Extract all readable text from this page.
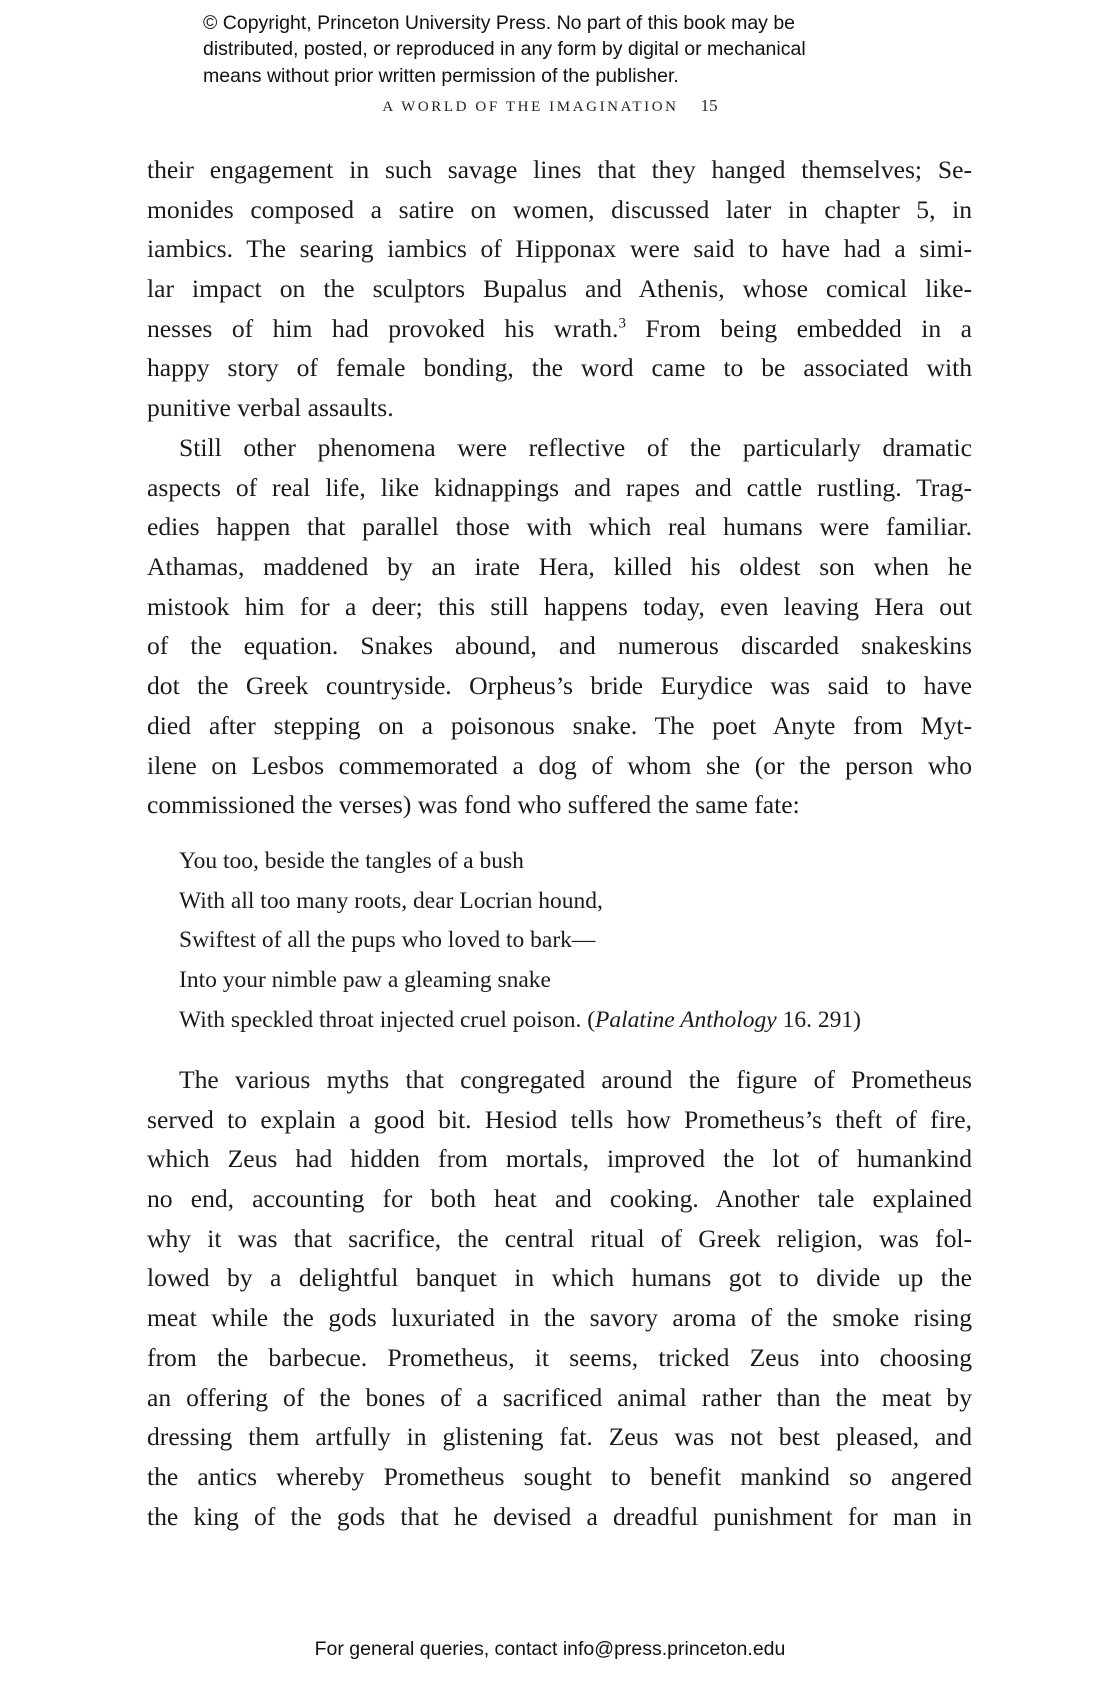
© Copyright, Princeton University Press. No part of this book may be
distributed, posted, or reproduced in any form by digital or mechanical
means without prior written permission of the publisher.
A WORLD OF THE IMAGINATION 15
their engagement in such savage lines that they hanged themselves; Se-
monides composed a satire on women, discussed later in chapter 5, in
iambics. The searing iambics of Hipponax were said to have had a simi-
lar impact on the sculptors Bupalus and Athenis, whose comical like-
nesses of him had provoked his wrath.$^3$ From being embedded in a
happy story of female bonding, the word came to be associated with
punitive verbal assaults.
Still other phenomena were reflective of the particularly dramatic
aspects of real life, like kidnappings and rapes and cattle rustling. Trag-
edies happen that parallel those with which real humans were familiar.
Athamas, maddened by an irate Hera, killed his oldest son when he
mistook him for a deer; this still happens today, even leaving Hera out
of the equation. Snakes abound, and numerous discarded snakeskins
dot the Greek countryside. Orpheus’s bride Eurydice was said to have
died after stepping on a poisonous snake. The poet Anyte from Myt-
ilene on Lesbos commemorated a dog of whom she (or the person who
commissioned the verses) was fond who suffered the same fate:
You too, beside the tangles of a bush
With all too many roots, dear Locrian hound,
Swiftest of all the pups who loved to bark—
Into your nimble paw a gleaming snake
With speckled throat injected cruel poison. (Palatine Anthology 16. 291)
The various myths that congregated around the figure of Prometheus
served to explain a good bit. Hesiod tells how Prometheus’s theft of fire,
which Zeus had hidden from mortals, improved the lot of humankind
no end, accounting for both heat and cooking. Another tale explained
why it was that sacrifice, the central ritual of Greek religion, was fol-
lowed by a delightful banquet in which humans got to divide up the
meat while the gods luxuriated in the savory aroma of the smoke rising
from the barbecue. Prometheus, it seems, tricked Zeus into choosing
an offering of the bones of a sacrificed animal rather than the meat by
dressing them artfully in glistening fat. Zeus was not best pleased, and
the antics whereby Prometheus sought to benefit mankind so angered
the king of the gods that he devised a dreadful punishment for man in
For general queries, contact info@press.princeton.edu
